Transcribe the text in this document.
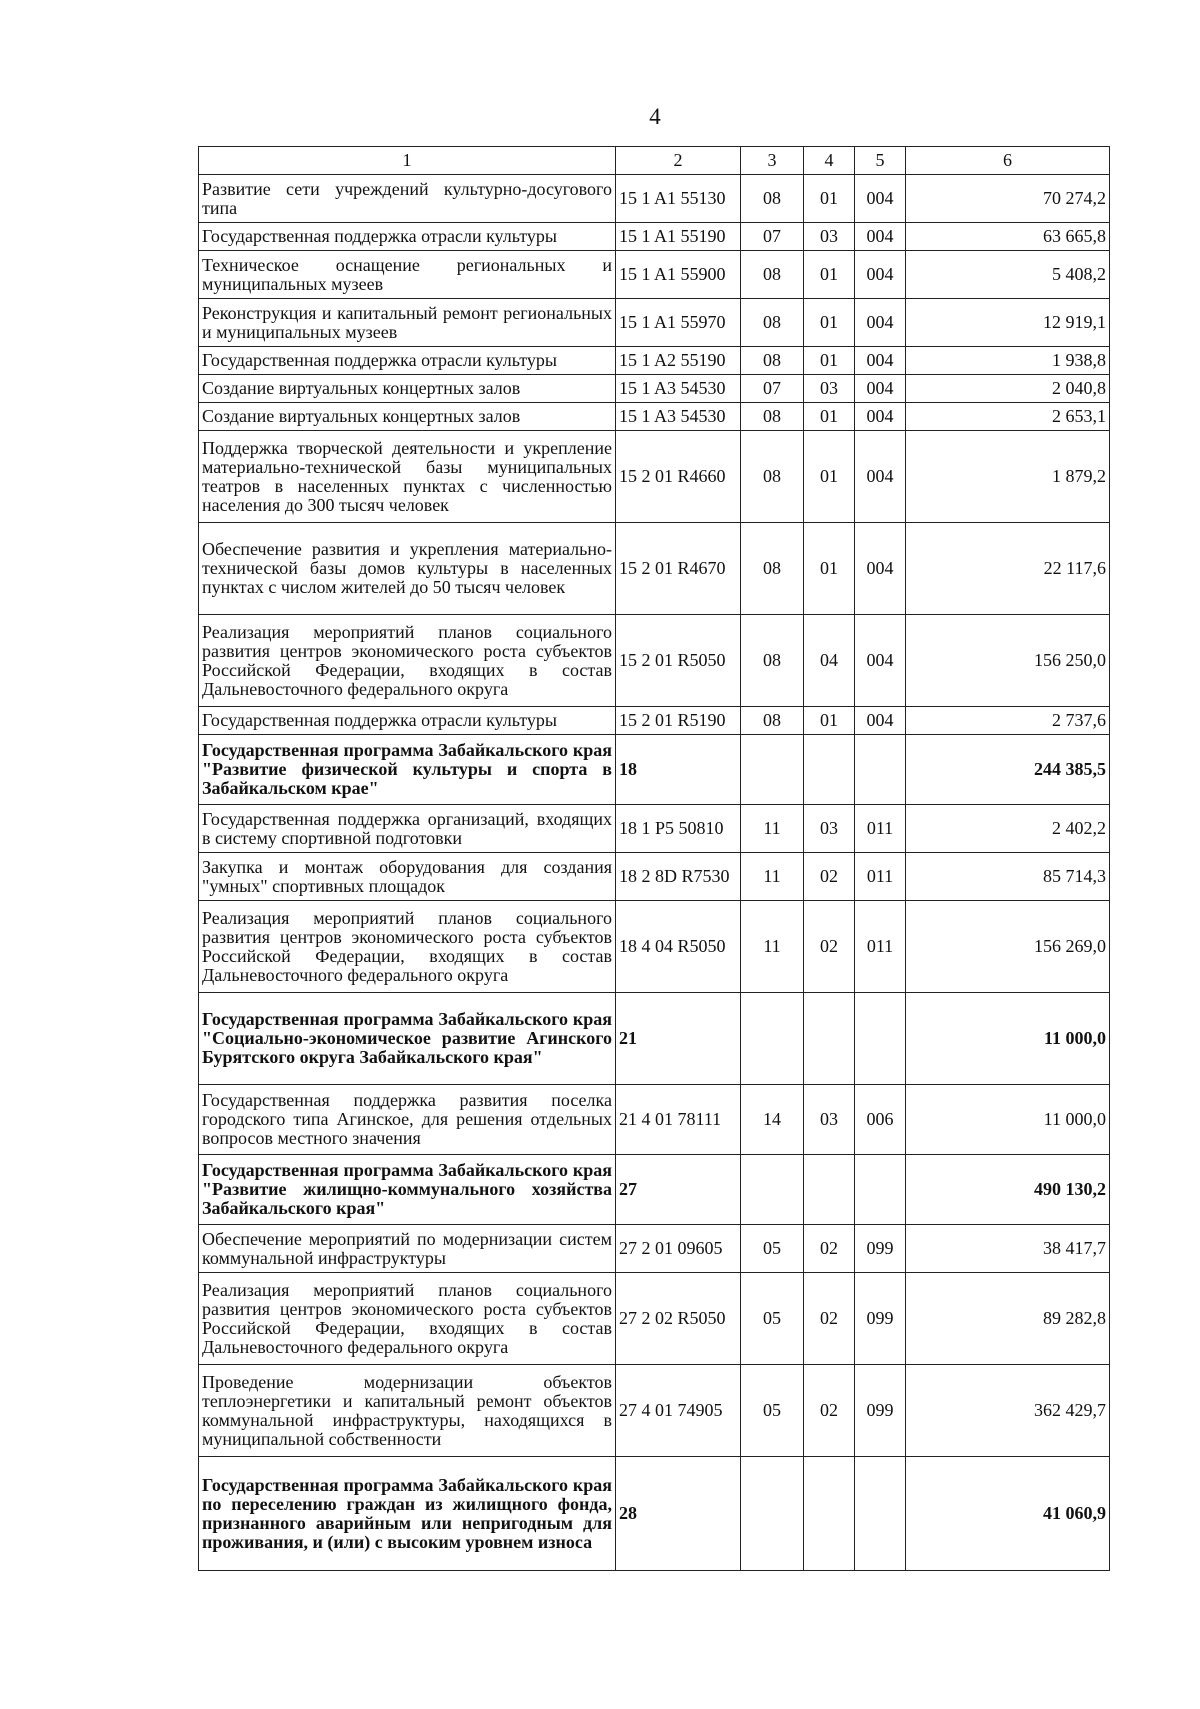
4
1	2	3	4	5	6
Развитие сети учреждений культурно-досугового типа	15 1 A1 55130	08	01	004	70 274,2
Государственная поддержка отрасли культуры	15 1 A1 55190	07	03	004	63 665,8
Техническое оснащение региональных и муниципальных музеев	15 1 A1 55900	08	01	004	5 408,2
Реконструкция и капитальный ремонт региональных и муниципальных музеев	15 1 A1 55970	08	01	004	12 919,1
Государственная поддержка отрасли культуры	15 1 A2 55190	08	01	004	1 938,8
Создание виртуальных концертных залов	15 1 A3 54530	07	03	004	2 040,8
Создание виртуальных концертных залов	15 1 A3 54530	08	01	004	2 653,1
Поддержка творческой деятельности и укрепление материально-технической базы муниципальных театров в населенных пунктах с численностью населения до 300 тысяч человек	15 2 01 R4660	08	01	004	1 879,2
Обеспечение развития и укрепления материально-технической базы домов культуры в населенных пунктах с числом жителей до 50 тысяч человек	15 2 01 R4670	08	01	004	22 117,6
Реализация мероприятий планов социального развития центров экономического роста субъектов Российской Федерации, входящих в состав Дальневосточного федерального округа	15 2 01 R5050	08	04	004	156 250,0
Государственная поддержка отрасли культуры	15 2 01 R5190	08	01	004	2 737,6
Государственная программа Забайкальского края "Развитие физической культуры и спорта в Забайкальском крае"	18				244 385,5
Государственная поддержка организаций, входящих в систему спортивной подготовки	18 1 P5 50810	11	03	011	2 402,2
Закупка и монтаж оборудования для создания "умных" спортивных площадок	18 2 8D R7530	11	02	011	85 714,3
Реализация мероприятий планов социального развития центров экономического роста субъектов Российской Федерации, входящих в состав Дальневосточного федерального округа	18 4 04 R5050	11	02	011	156 269,0
Государственная программа Забайкальского края "Социально-экономическое развитие Агинского Бурятского округа Забайкальского края"	21				11 000,0
Государственная поддержка развития поселка городского типа Агинское, для решения отдельных вопросов местного значения	21 4 01 78111	14	03	006	11 000,0
Государственная программа Забайкальского края "Развитие жилищно-коммунального хозяйства Забайкальского края"	27				490 130,2
Обеспечение мероприятий по модернизации систем коммунальной инфраструктуры	27 2 01 09605	05	02	099	38 417,7
Реализация мероприятий планов социального развития центров экономического роста субъектов Российской Федерации, входящих в состав Дальневосточного федерального округа	27 2 02 R5050	05	02	099	89 282,8
Проведение модернизации объектов теплоэнергетики и капитальный ремонт объектов коммунальной инфраструктуры, находящихся в муниципальной собственности	27 4 01 74905	05	02	099	362 429,7
Государственная программа Забайкальского края по переселению граждан из жилищного фонда, признанного аварийным или непригодным для проживания, и (или) с высоким уровнем износа	28				41 060,9
